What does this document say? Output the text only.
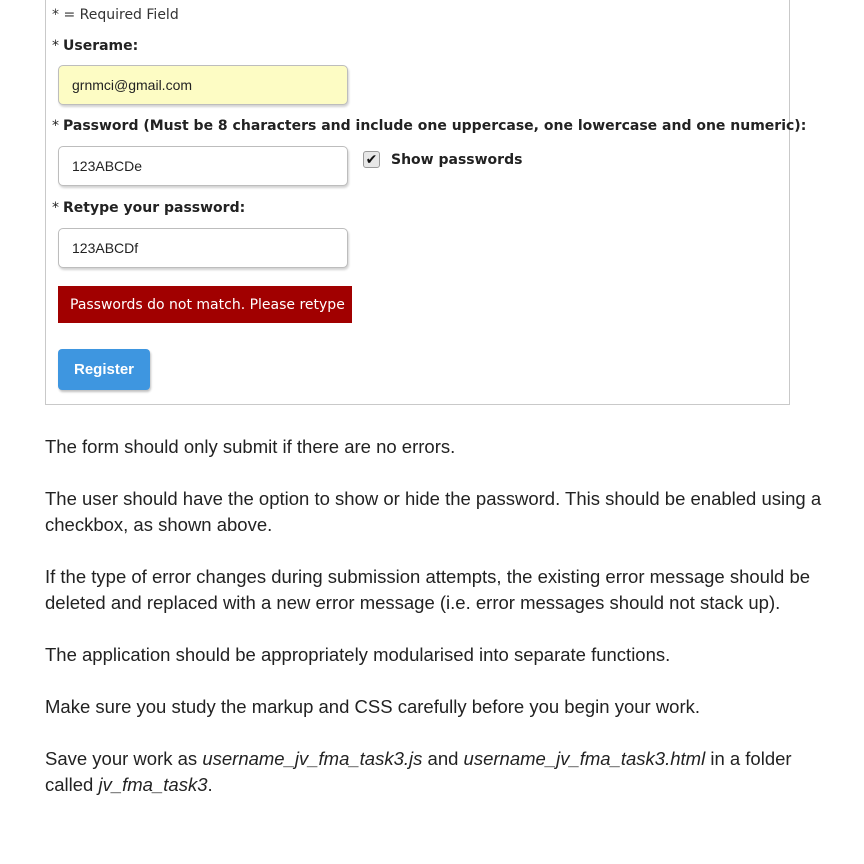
* = Required Field
* Userame:
grnmci@gmail.com
* Password (Must be 8 characters and include one uppercase, one lowercase and one numeric):
123ABCDe
✔ Show passwords
* Retype your password:
123ABCDf
Passwords do not match. Please retype
Register

The form should only submit if there are no errors.

The user should have the option to show or hide the password. This should be enabled using a checkbox, as shown above.

If the type of error changes during submission attempts, the existing error message should be deleted and replaced with a new error message (i.e. error messages should not stack up).

The application should be appropriately modularised into separate functions.

Make sure you study the markup and CSS carefully before you begin your work.

Save your work as username_jv_fma_task3.js and username_jv_fma_task3.html in a folder called jv_fma_task3.
